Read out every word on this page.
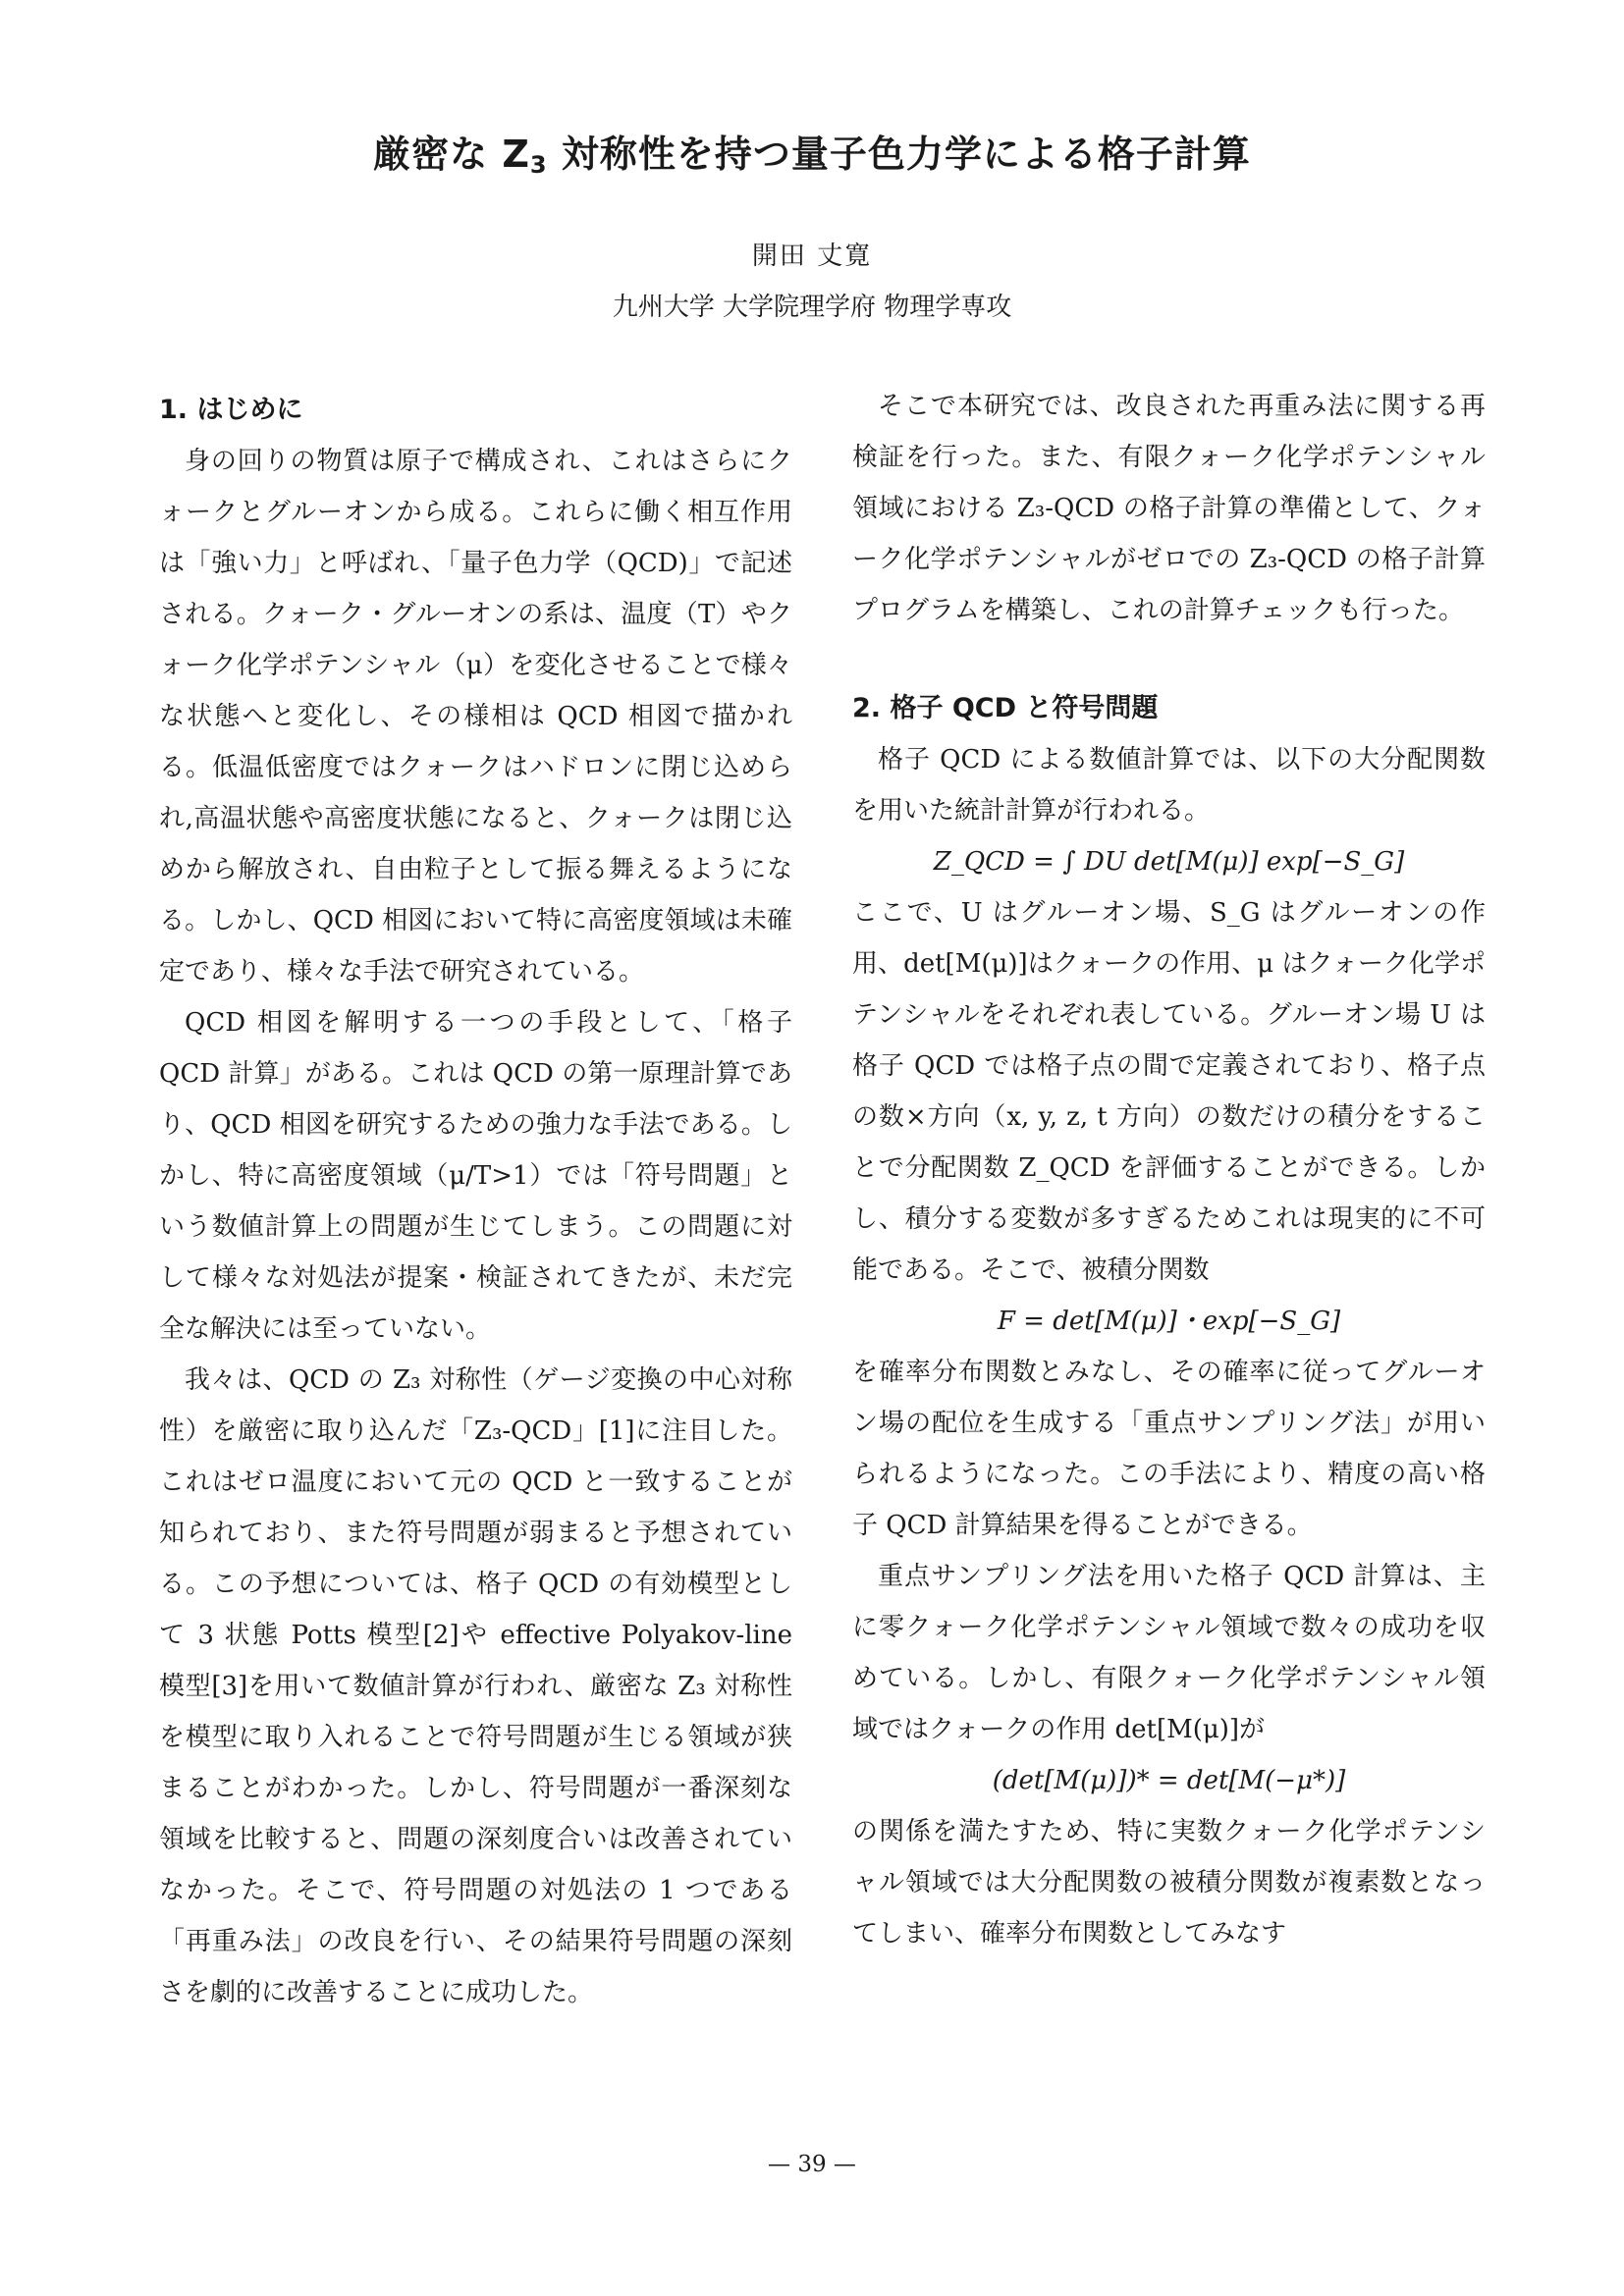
厳密な $Z_3$ 対称性を持つ量子色力学による格子計算
開田 丈寛
九州大学 大学院理学府 物理学専攻
1. はじめに

身の回りの物質は原子で構成され、これはさらにクォークとグルーオンから成る。これらに働く相互作用は「強い力」と呼ばれ、「量子色力学（QCD)」で記述される。クォーク・グルーオンの系は、温度（T）やクォーク化学ポテンシャル（μ）を変化させることで様々な状態へと変化し、その様相は QCD 相図で描かれる。低温低密度ではクォークはハドロンに閉じ込められ,高温状態や高密度状態になると、クォークは閉じ込めから解放され、自由粒子として振る舞えるようになる。しかし、QCD 相図において特に高密度領域は未確定であり、様々な手法で研究されている。

QCD 相図を解明する一つの手段として、「格子 QCD 計算」がある。これは QCD の第一原理計算であり、QCD 相図を研究するための強力な手法である。しかし、特に高密度領域（μ/T>1）では「符号問題」という数値計算上の問題が生じてしまう。この問題に対して様々な対処法が提案・検証されてきたが、未だ完全な解決には至っていない。

我々は、QCD の Z₃ 対称性（ゲージ変換の中心対称性）を厳密に取り込んだ「Z₃-QCD」[1]に注目した。これはゼロ温度において元の QCD と一致することが知られており、また符号問題が弱まると予想されている。この予想については、格子 QCD の有効模型として 3 状態 Potts 模型[2]や effective Polyakov-line 模型[3]を用いて数値計算が行われ、厳密な Z₃ 対称性を模型に取り入れることで符号問題が生じる領域が狭まることがわかった。しかし、符号問題が一番深刻な領域を比較すると、問題の深刻度合いは改善されていなかった。そこで、符号問題の対処法の 1 つである「再重み法」の改良を行い、その結果符号問題の深刻さを劇的に改善することに成功した。

そこで本研究では、改良された再重み法に関する再検証を行った。また、有限クォーク化学ポテンシャル領域における Z₃-QCD の格子計算の準備として、クォーク化学ポテンシャルがゼロでの Z₃-QCD の格子計算プログラムを構築し、これの計算チェックも行った。

2. 格子 QCD と符号問題

格子 QCD による数値計算では、以下の大分配関数を用いた統計計算が行われる。

Z_QCD = ∫ DU det[M(μ)] exp[−S_G]

ここで、U はグルーオン場、S_G はグルーオンの作用、det[M(μ)]はクォークの作用、μ はクォーク化学ポテンシャルをそれぞれ表している。グルーオン場 U は格子 QCD では格子点の間で定義されており、格子点の数×方向（x, y, z, t 方向）の数だけの積分をすることで分配関数 Z_QCD を評価することができる。しかし、積分する変数が多すぎるためこれは現実的に不可能である。そこで、被積分関数

F = det[M(μ)]・exp[−S_G]

を確率分布関数とみなし、その確率に従ってグルーオン場の配位を生成する「重点サンプリング法」が用いられるようになった。この手法により、精度の高い格子 QCD 計算結果を得ることができる。

重点サンプリング法を用いた格子 QCD 計算は、主に零クォーク化学ポテンシャル領域で数々の成功を収めている。しかし、有限クォーク化学ポテンシャル領域ではクォークの作用 det[M(μ)]が

(det[M(μ)])* = det[M(−μ*)]

の関係を満たすため、特に実数クォーク化学ポテンシャル領域では大分配関数の被積分関数が複素数となってしまい、確率分布関数としてみなす

— 39 —
